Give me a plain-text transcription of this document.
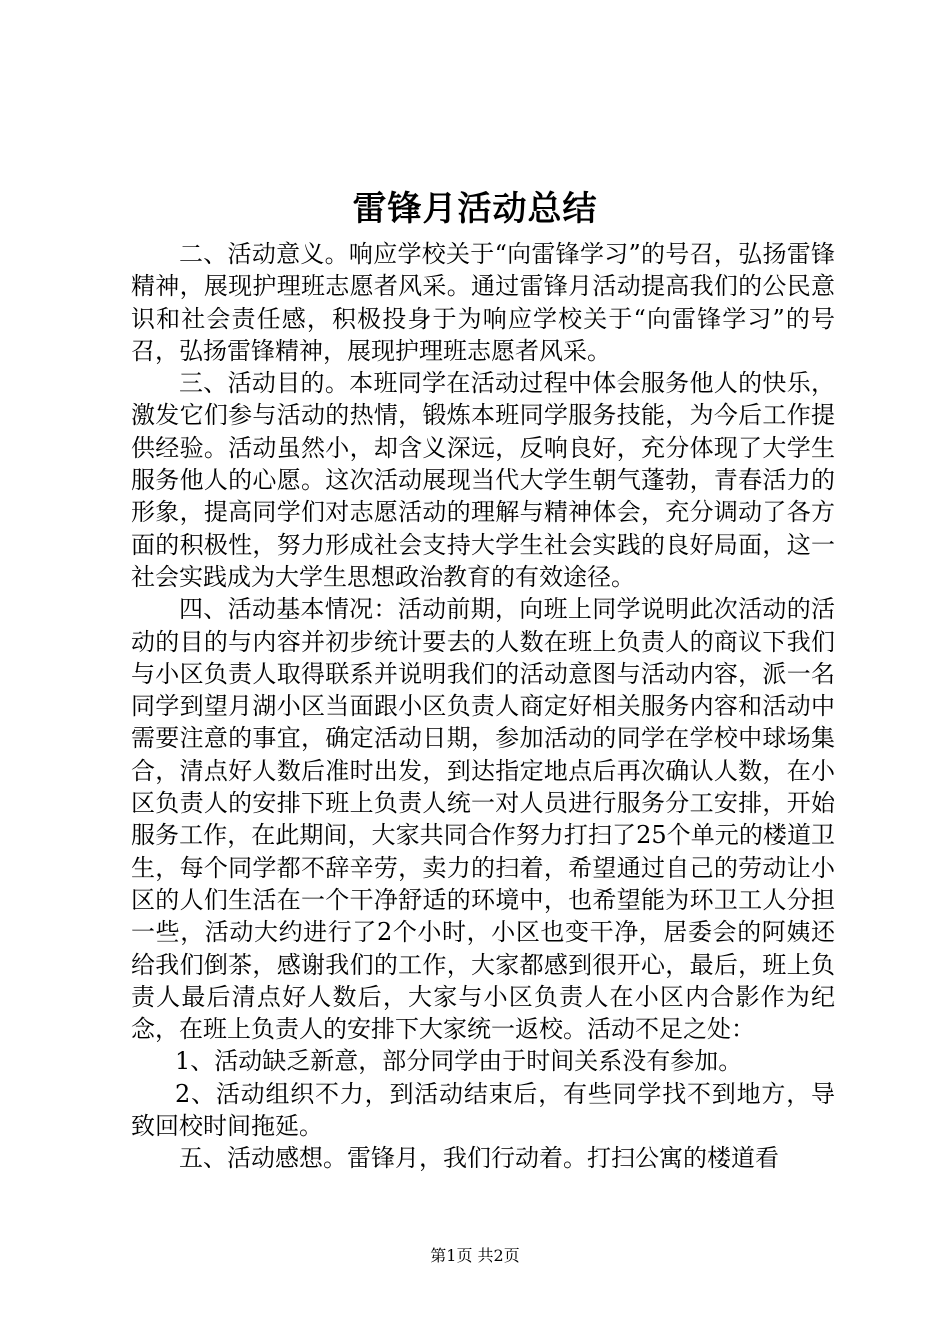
雷锋月活动总结

二、活动意义。响应学校关于“向雷锋学习”的号召，弘扬雷锋精神，展现护理班志愿者风采。通过雷锋月活动提高我们的公民意识和社会责任感，积极投身于为响应学校关于“向雷锋学习”的号召，弘扬雷锋精神，展现护理班志愿者风采。

三、活动目的。本班同学在活动过程中体会服务他人的快乐，激发它们参与活动的热情，锻炼本班同学服务技能，为今后工作提供经验。活动虽然小，却含义深远，反响良好，充分体现了大学生服务他人的心愿。这次活动展现当代大学生朝气蓬勃，青春活力的形象，提高同学们对志愿活动的理解与精神体会，充分调动了各方面的积极性，努力形成社会支持大学生社会实践的良好局面，这一社会实践成为大学生思想政治教育的有效途径。

四、活动基本情况：活动前期，向班上同学说明此次活动的活动的目的与内容并初步统计要去的人数在班上负责人的商议下我们与小区负责人取得联系并说明我们的活动意图与活动内容，派一名同学到望月湖小区当面跟小区负责人商定好相关服务内容和活动中需要注意的事宜，确定活动日期，参加活动的同学在学校中球场集合，清点好人数后准时出发，到达指定地点后再次确认人数，在小区负责人的安排下班上负责人统一对人员进行服务分工安排，开始服务工作，在此期间，大家共同合作努力打扫了25个单元的楼道卫生，每个同学都不辞辛劳，卖力的扫着，希望通过自己的劳动让小区的人们生活在一个干净舒适的环境中，也希望能为环卫工人分担一些，活动大约进行了2个小时，小区也变干净，居委会的阿姨还给我们倒茶，感谢我们的工作，大家都感到很开心，最后，班上负责人最后清点好人数后，大家与小区负责人在小区内合影作为纪念，在班上负责人的安排下大家统一返校。活动不足之处：

1、活动缺乏新意，部分同学由于时间关系没有参加。

2、活动组织不力，到活动结束后，有些同学找不到地方，导致回校时间拖延。

五、活动感想。雷锋月，我们行动着。打扫公寓的楼道看

第1页 共2页
